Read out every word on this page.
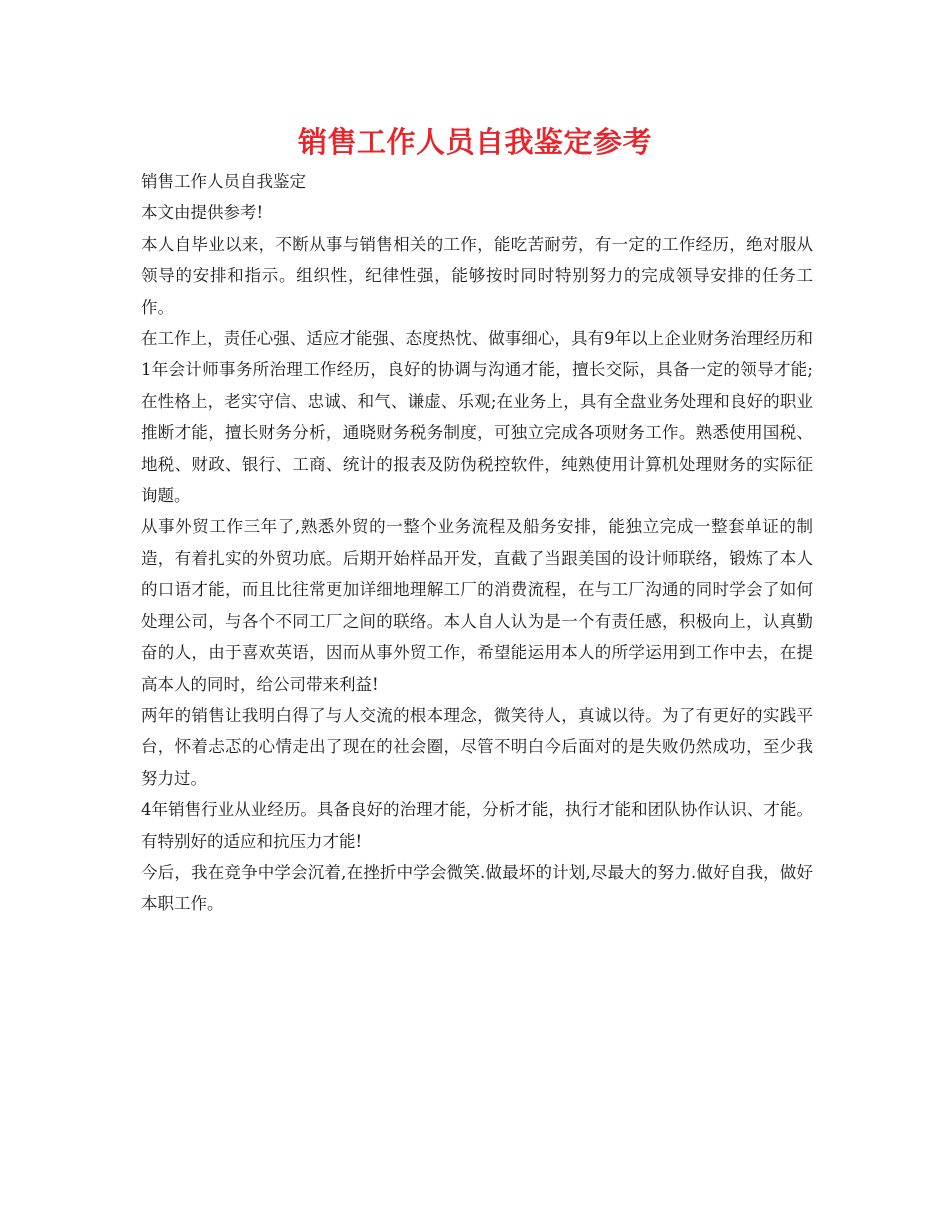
销售工作人员自我鉴定参考

销售工作人员自我鉴定

本文由提供参考!

本人自毕业以来，不断从事与销售相关的工作，能吃苦耐劳，有一定的工作经历，绝对服从领导的安排和指示。组织性，纪律性强，能够按时同时特别努力的完成领导安排的任务工作。

在工作上，责任心强、适应才能强、态度热忱、做事细心，具有9年以上企业财务治理经历和1年会计师事务所治理工作经历，良好的协调与沟通才能，擅长交际，具备一定的领导才能;在性格上，老实守信、忠诚、和气、谦虚、乐观;在业务上，具有全盘业务处理和良好的职业推断才能，擅长财务分析，通晓财务税务制度，可独立完成各项财务工作。熟悉使用国税、地税、财政、银行、工商、统计的报表及防伪税控软件，纯熟使用计算机处理财务的实际征询题。

从事外贸工作三年了,熟悉外贸的一整个业务流程及船务安排，能独立完成一整套单证的制造，有着扎实的外贸功底。后期开始样品开发，直截了当跟美国的设计师联络，锻炼了本人的口语才能，而且比往常更加详细地理解工厂的消费流程，在与工厂沟通的同时学会了如何处理公司，与各个不同工厂之间的联络。本人自人认为是一个有责任感，积极向上，认真勤奋的人，由于喜欢英语，因而从事外贸工作，希望能运用本人的所学运用到工作中去，在提高本人的同时，给公司带来利益!

两年的销售让我明白得了与人交流的根本理念，微笑待人，真诚以待。为了有更好的实践平台，怀着忐忑的心情走出了现在的社会圈，尽管不明白今后面对的是失败仍然成功，至少我努力过。

4年销售行业从业经历。具备良好的治理才能，分析才能，执行才能和团队协作认识、才能。有特别好的适应和抗压力才能!

今后，我在竞争中学会沉着,在挫折中学会微笑.做最坏的计划,尽最大的努力.做好自我，做好本职工作。
